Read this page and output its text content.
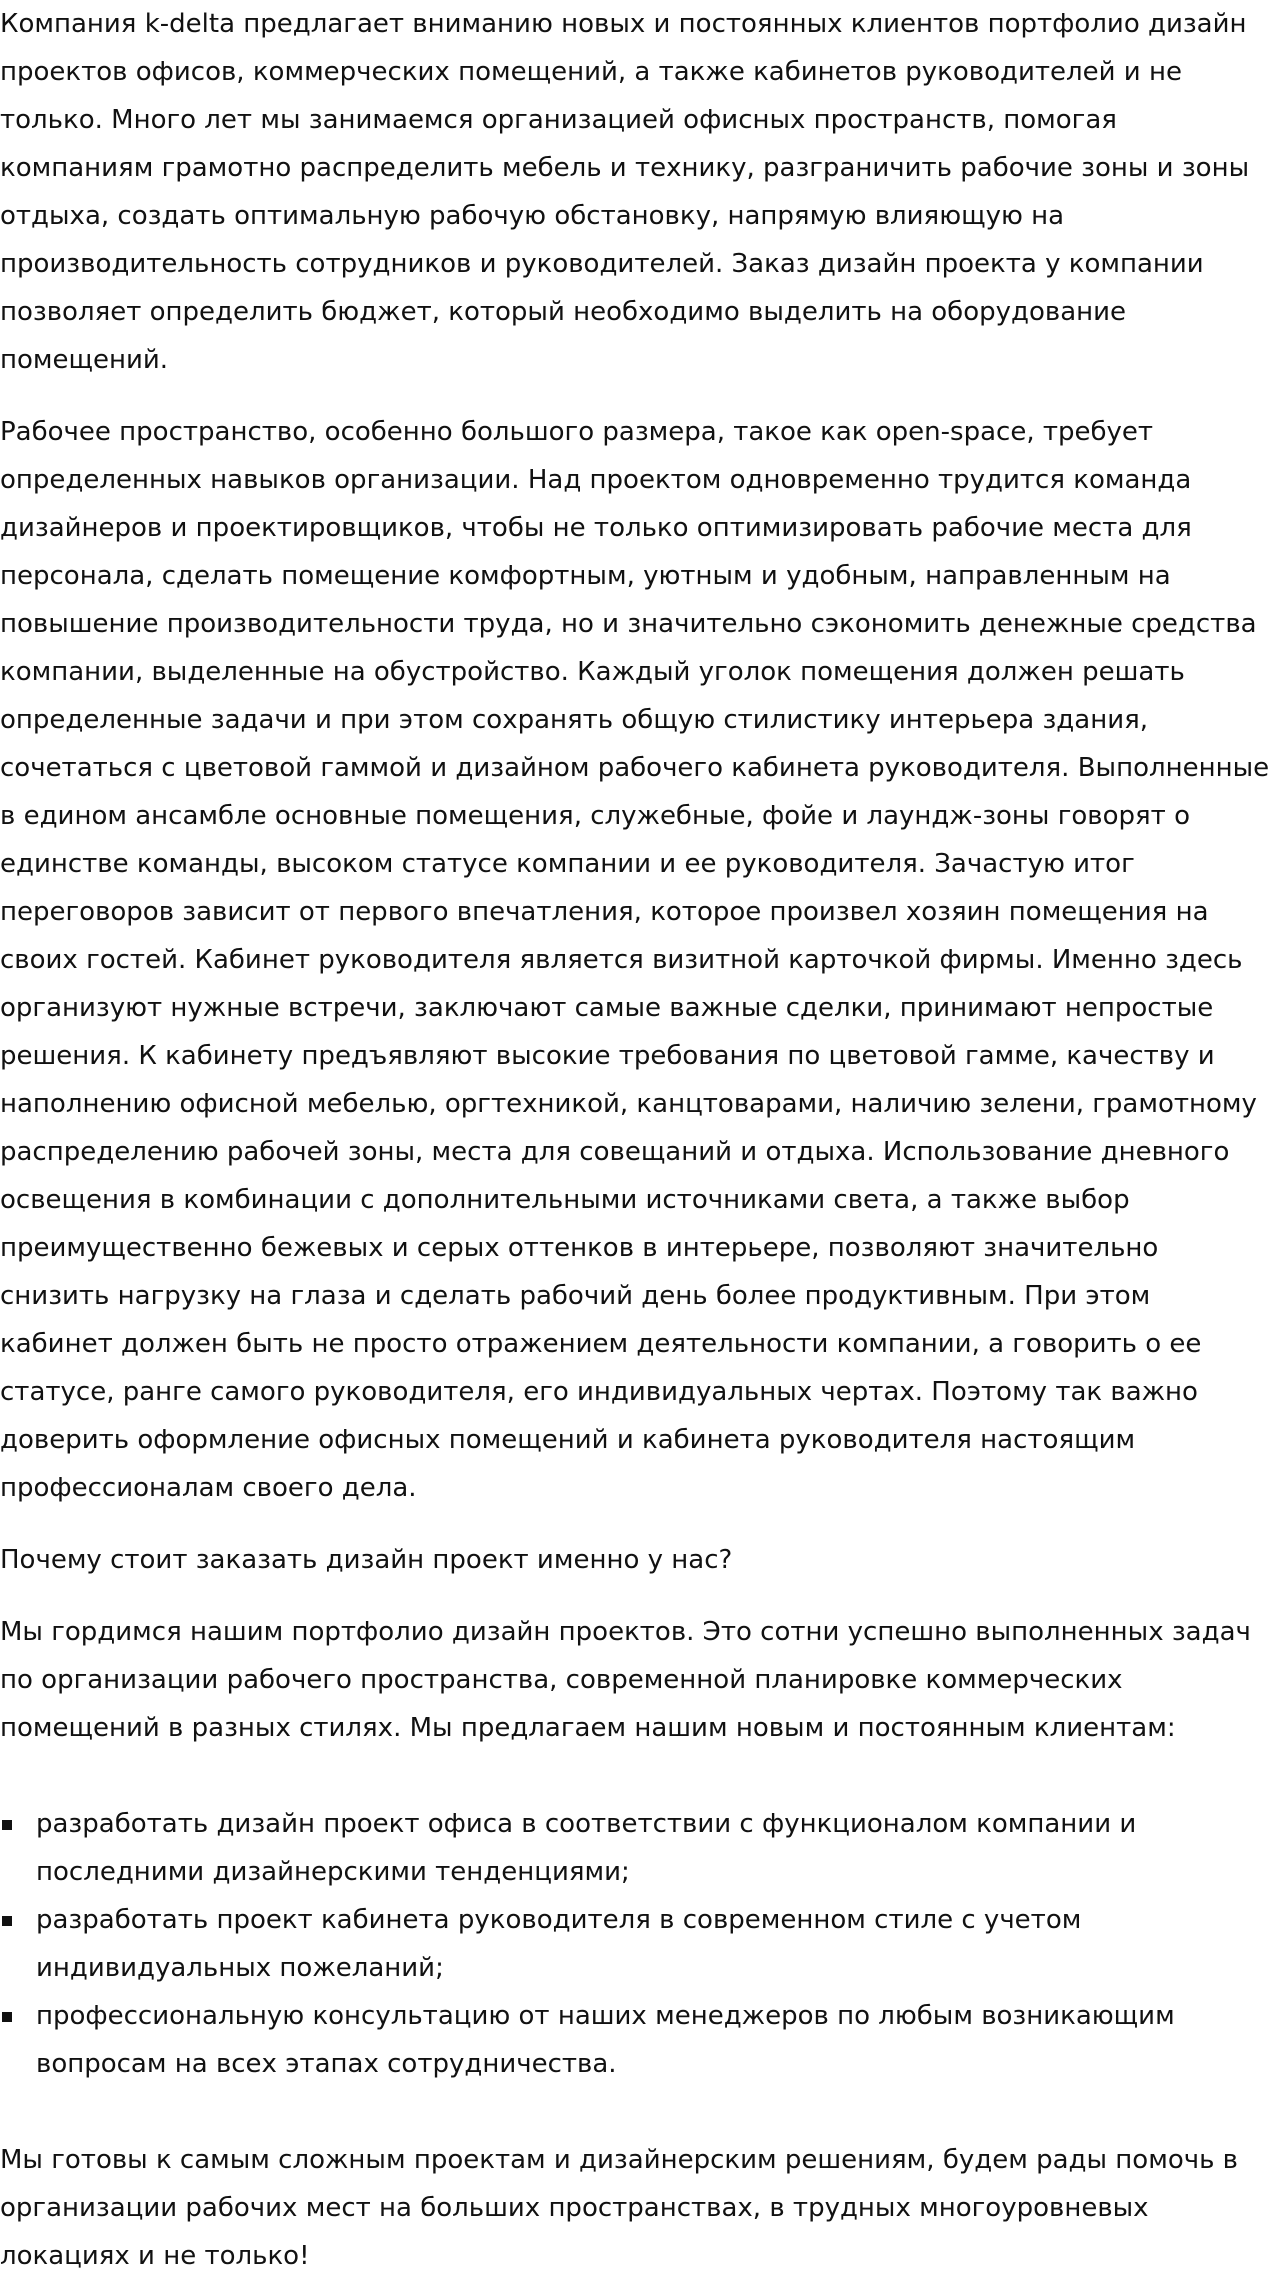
Компания k-delta предлагает вниманию новых и постоянных клиентов портфолио дизайн проектов офисов, коммерческих помещений, а также кабинетов руководителей и не только. Много лет мы занимаемся организацией офисных пространств, помогая компаниям грамотно распределить мебель и технику, разграничить рабочие зоны и зоны отдыха, создать оптимальную рабочую обстановку, напрямую влияющую на производительность сотрудников и руководителей. Заказ дизайн проекта у компании позволяет определить бюджет, который необходимо выделить на оборудование помещений.

Рабочее пространство, особенно большого размера, такое как open-space, требует определенных навыков организации. Над проектом одновременно трудится команда дизайнеров и проектировщиков, чтобы не только оптимизировать рабочие места для персонала, сделать помещение комфортным, уютным и удобным, направленным на повышение производительности труда, но и значительно сэкономить денежные средства компании, выделенные на обустройство. Каждый уголок помещения должен решать определенные задачи и при этом сохранять общую стилистику интерьера здания, сочетаться с цветовой гаммой и дизайном рабочего кабинета руководителя. Выполненные в едином ансамбле основные помещения, служебные, фойе и лаундж-зоны говорят о единстве команды, высоком статусе компании и ее руководителя. Зачастую итог переговоров зависит от первого впечатления, которое произвел хозяин помещения на своих гостей. Кабинет руководителя является визитной карточкой фирмы. Именно здесь организуют нужные встречи, заключают самые важные сделки, принимают непростые решения. К кабинету предъявляют высокие требования по цветовой гамме, качеству и наполнению офисной мебелью, оргтехникой, канцтоварами, наличию зелени, грамотному распределению рабочей зоны, места для совещаний и отдыха. Использование дневного освещения в комбинации с дополнительными источниками света, а также выбор преимущественно бежевых и серых оттенков в интерьере, позволяют значительно снизить нагрузку на глаза и сделать рабочий день более продуктивным. При этом кабинет должен быть не просто отражением деятельности компании, а говорить о ее статусе, ранге самого руководителя, его индивидуальных чертах. Поэтому так важно доверить оформление офисных помещений и кабинета руководителя настоящим профессионалам своего дела.

Почему стоит заказать дизайн проект именно у нас?

Мы гордимся нашим портфолио дизайн проектов. Это сотни успешно выполненных задач по организации рабочего пространства, современной планировке коммерческих помещений в разных стилях. Мы предлагаем нашим новым и постоянным клиентам:

разработать дизайн проект офиса в соответствии с функционалом компании и последними дизайнерскими тенденциями;
разработать проект кабинета руководителя в современном стиле с учетом индивидуальных пожеланий;
профессиональную консультацию от наших менеджеров по любым возникающим вопросам на всех этапах сотрудничества.

Мы готовы к самым сложным проектам и дизайнерским решениям, будем рады помочь в организации рабочих мест на больших пространствах, в трудных многоуровневых локациях и не только!
